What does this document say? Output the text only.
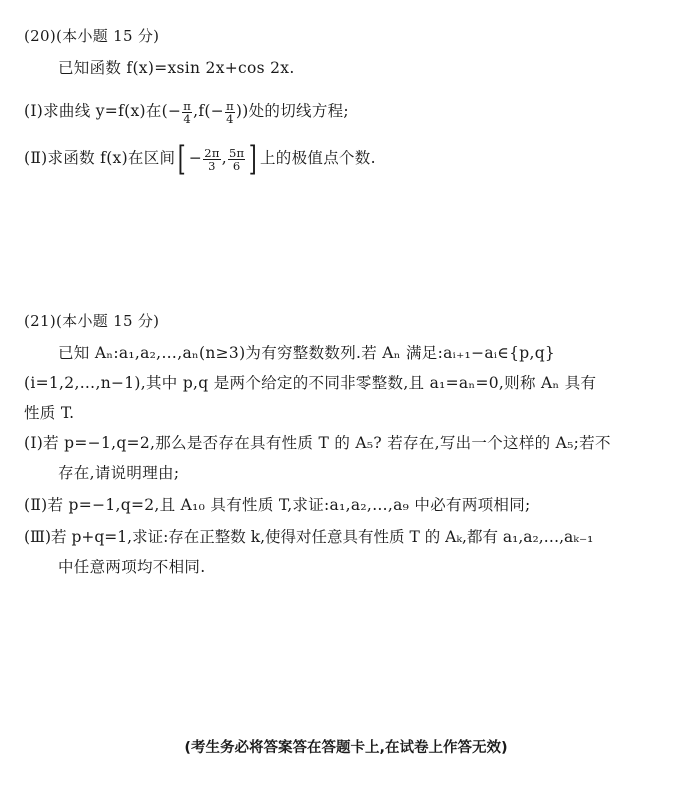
(20)(本小题 15 分)
已知函数 f(x)=xsin 2x+cos 2x.
(Ⅰ)求曲线 y=f(x)在(− $\frac{\pi}{4} ,f(- \frac{\pi}{4}$ ))处的切线方程;
(Ⅱ)求函数 f(x)在区间[ − $\frac{2\pi}{3}$ , $\frac{5\pi}{6}$ ] 上的极值点个数.
(21)(本小题 15 分)
已知 Aₙ:a₁,a₂,…,aₙ(n≥3)为有穷整数数列.若 Aₙ 满足:aᵢ₊₁−aᵢ∈{p,q}
(i=1,2,…,n−1),其中 p,q 是两个给定的不同非零整数,且 a₁=aₙ=0,则称 Aₙ 具有
性质 T.
(Ⅰ)若 p=−1,q=2,那么是否存在具有性质 T 的 A₅? 若存在,写出一个这样的 A₅;若不
存在,请说明理由;
(Ⅱ)若 p=−1,q=2,且 A₁₀ 具有性质 T,求证:a₁,a₂,…,a₉ 中必有两项相同;
(Ⅲ)若 p+q=1,求证:存在正整数 k,使得对任意具有性质 T 的 Aₖ,都有 a₁,a₂,…,aₖ₋₁
中任意两项均不相同.
(考生务必将答案答在答题卡上,在试卷上作答无效)
